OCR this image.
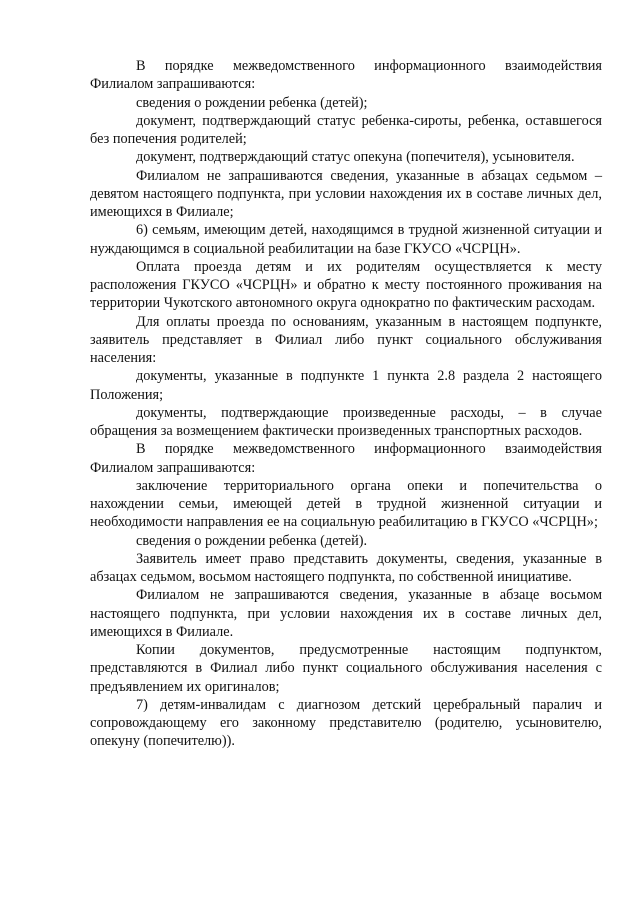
В порядке межведомственного информационного взаимодействия Филиалом запрашиваются:

сведения о рождении ребенка (детей);

документ, подтверждающий статус ребенка-сироты, ребенка, оставшегося без попечения родителей;

документ, подтверждающий статус опекуна (попечителя), усыновителя.

Филиалом не запрашиваются сведения, указанные в абзацах седьмом – девятом настоящего подпункта, при условии нахождения их в составе личных дел, имеющихся в Филиале;

6) семьям, имеющим детей, находящимся в трудной жизненной ситуации и нуждающимся в социальной реабилитации на базе ГКУСО «ЧСРЦН».

Оплата проезда детям и их родителям осуществляется к месту расположения ГКУСО «ЧСРЦН» и обратно к месту постоянного проживания на территории Чукотского автономного округа однократно по фактическим расходам.

Для оплаты проезда по основаниям, указанным в настоящем подпункте, заявитель представляет в Филиал либо пункт социального обслуживания населения:

документы, указанные в подпункте 1 пункта 2.8 раздела 2 настоящего Положения;

документы, подтверждающие произведенные расходы, – в случае обращения за возмещением фактически произведенных транспортных расходов.

В порядке межведомственного информационного взаимодействия Филиалом запрашиваются:

заключение территориального органа опеки и попечительства о нахождении семьи, имеющей детей в трудной жизненной ситуации и необходимости направления ее на социальную реабилитацию в ГКУСО «ЧСРЦН»;

сведения о рождении ребенка (детей).

Заявитель имеет право представить документы, сведения, указанные в абзацах седьмом, восьмом настоящего подпункта, по собственной инициативе.

Филиалом не запрашиваются сведения, указанные в абзаце восьмом настоящего подпункта, при условии нахождения их в составе личных дел, имеющихся в Филиале.

Копии документов, предусмотренные настоящим подпунктом, представляются в Филиал либо пункт социального обслуживания населения с предъявлением их оригиналов;

7) детям-инвалидам с диагнозом детский церебральный паралич и сопровождающему его законному представителю (родителю, усыновителю, опекуну (попечителю)).
